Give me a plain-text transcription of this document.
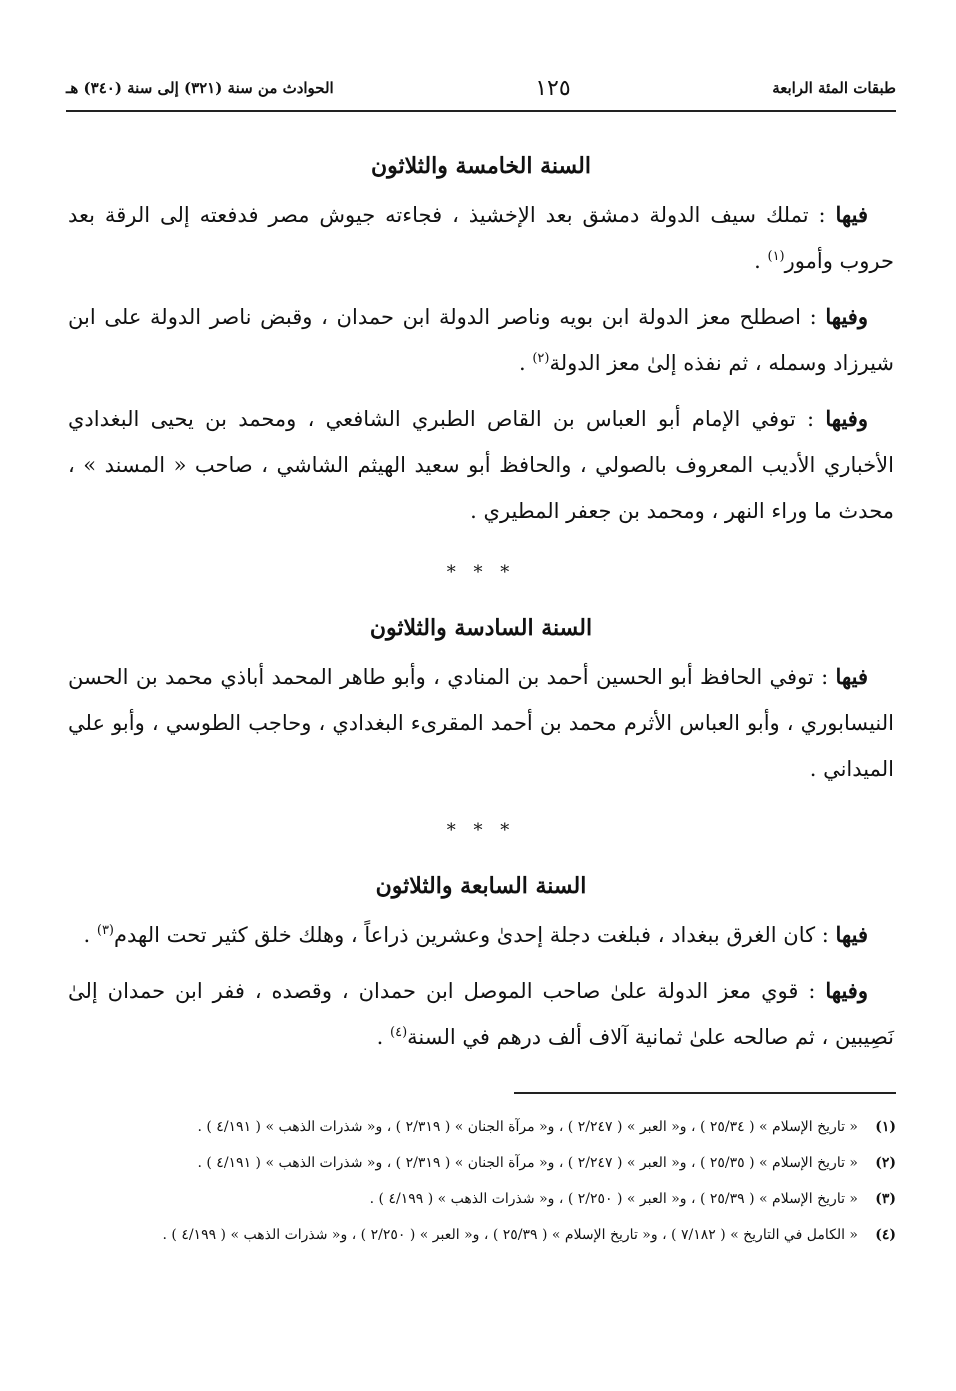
طبقات المئة الرابعة
١٢٥
الحوادث من سنة (٣٢١) إلى سنة (٣٤٠) هـ
السنة الخامسة والثلاثون

فيها : تملك سيف الدولة دمشق بعد الإخشيذ ، فجاءته جيوش مصر فدفعته إلى الرقة بعد حروب وأمور$^{(١)}$ .

وفيها : اصطلح معز الدولة ابن بويه وناصر الدولة ابن حمدان ، وقبض ناصر الدولة على ابن شيرزاد وسمله ، ثم نفذه إلىٰ معز الدولة$^{(٢)}$ .

وفيها : توفي الإمام أبو العباس بن القاص الطبري الشافعي ، ومحمد بن يحيى البغدادي الأخباري الأديب المعروف بالصولي ، والحافظ أبو سعيد الهيثم الشاشي ، صاحب « المسند » ، محدث ما وراء النهر ، ومحمد بن جعفر المطيري .

* * *

السنة السادسة والثلاثون

فيها : توفي الحافظ أبو الحسين أحمد بن المنادي ، وأبو طاهر المحمد أباذي محمد بن الحسن النيسابوري ، وأبو العباس الأثرم محمد بن أحمد المقرىء البغدادي ، وحاجب الطوسي ، وأبو علي الميداني .

* * *

السنة السابعة والثلاثون

فيها : كان الغرق ببغداد ، فبلغت دجلة إحدىٰ وعشرين ذراعاً ، وهلك خلق كثير تحت الهدم$^{(٣)}$ .

وفيها : قوي معز الدولة علىٰ صاحب الموصل ابن حمدان ، وقصده ، ففر ابن حمدان إلىٰ نَصِيبين ، ثم صالحه علىٰ ثمانية آلاف ألف درهم في السنة$^{(٤)}$ .

(١)
« تاريخ الإسلام » ( ٢٥/٣٤ ) ، و« العبر » ( ٢/٢٤٧ ) ، و« مرآة الجنان » ( ٢/٣١٩ ) ، و« شذرات الذهب » ( ٤/١٩١ ) .
(٢)
« تاريخ الإسلام » ( ٢٥/٣٥ ) ، و« العبر » ( ٢/٢٤٧ ) ، و« مرآة الجنان » ( ٢/٣١٩ ) ، و« شذرات الذهب » ( ٤/١٩١ ) .
(٣)
« تاريخ الإسلام » ( ٢٥/٣٩ ) ، و« العبر » ( ٢/٢٥٠ ) ، و« شذرات الذهب » ( ٤/١٩٩ ) .
(٤)
« الكامل في التاريخ » ( ٧/١٨٢ ) ، و« تاريخ الإسلام » ( ٢٥/٣٩ ) ، و« العبر » ( ٢/٢٥٠ ) ، و« شذرات الذهب » ( ٤/١٩٩ ) .
